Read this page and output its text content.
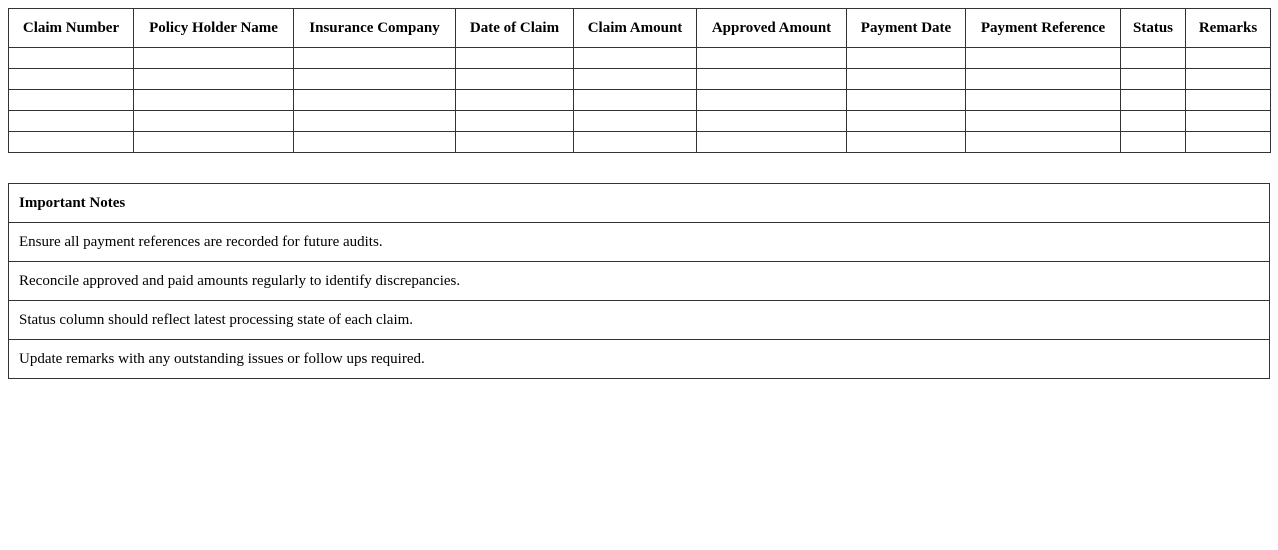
Claim Number	Policy Holder Name	Insurance Company	Date of Claim	Claim Amount	Approved Amount	Payment Date	Payment Reference	Status	Remarks

Important Notes
Ensure all payment references are recorded for future audits.
Reconcile approved and paid amounts regularly to identify discrepancies.
Status column should reflect latest processing state of each claim.
Update remarks with any outstanding issues or follow ups required.
